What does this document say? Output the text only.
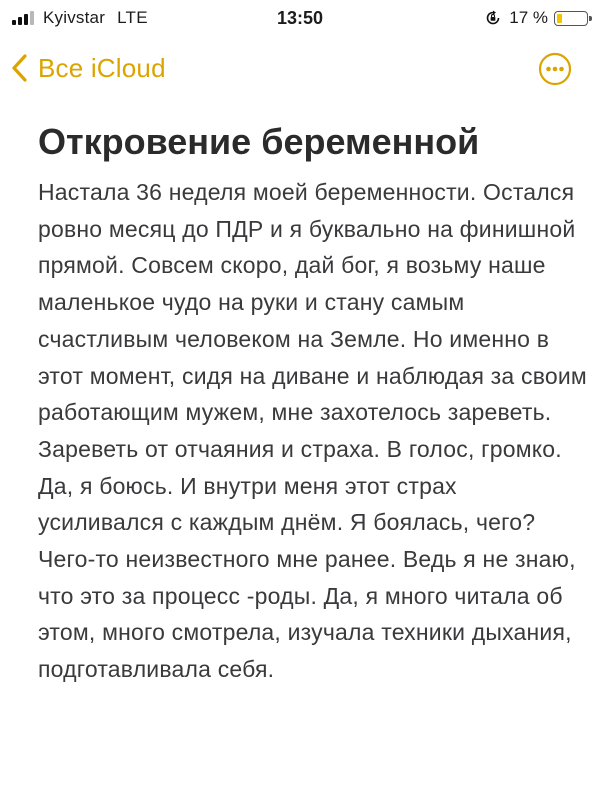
Kyivstar LTE	13:50	17 %
Все iCloud
Откровение беременной

Настала 36 неделя моей беременности. Остался ровно месяц до ПДР и я буквально на финишной прямой. Совсем скоро, дай бог, я возьму наше маленькое чудо на руки и стану самым счастливым человеком на Земле. Но именно в этот момент, сидя на диване и наблюдая за своим работающим мужем, мне захотелось зареветь. Зареветь от отчаяния и страха. В голос, громко. Да, я боюсь. И внутри меня этот страх усиливался с каждым днём. Я боялась, чего? Чего-то неизвестного мне ранее. Ведь я не знаю, что это за процесс -роды. Да, я много читала об этом, много смотрела, изучала техники дыхания, подготавливала себя.
